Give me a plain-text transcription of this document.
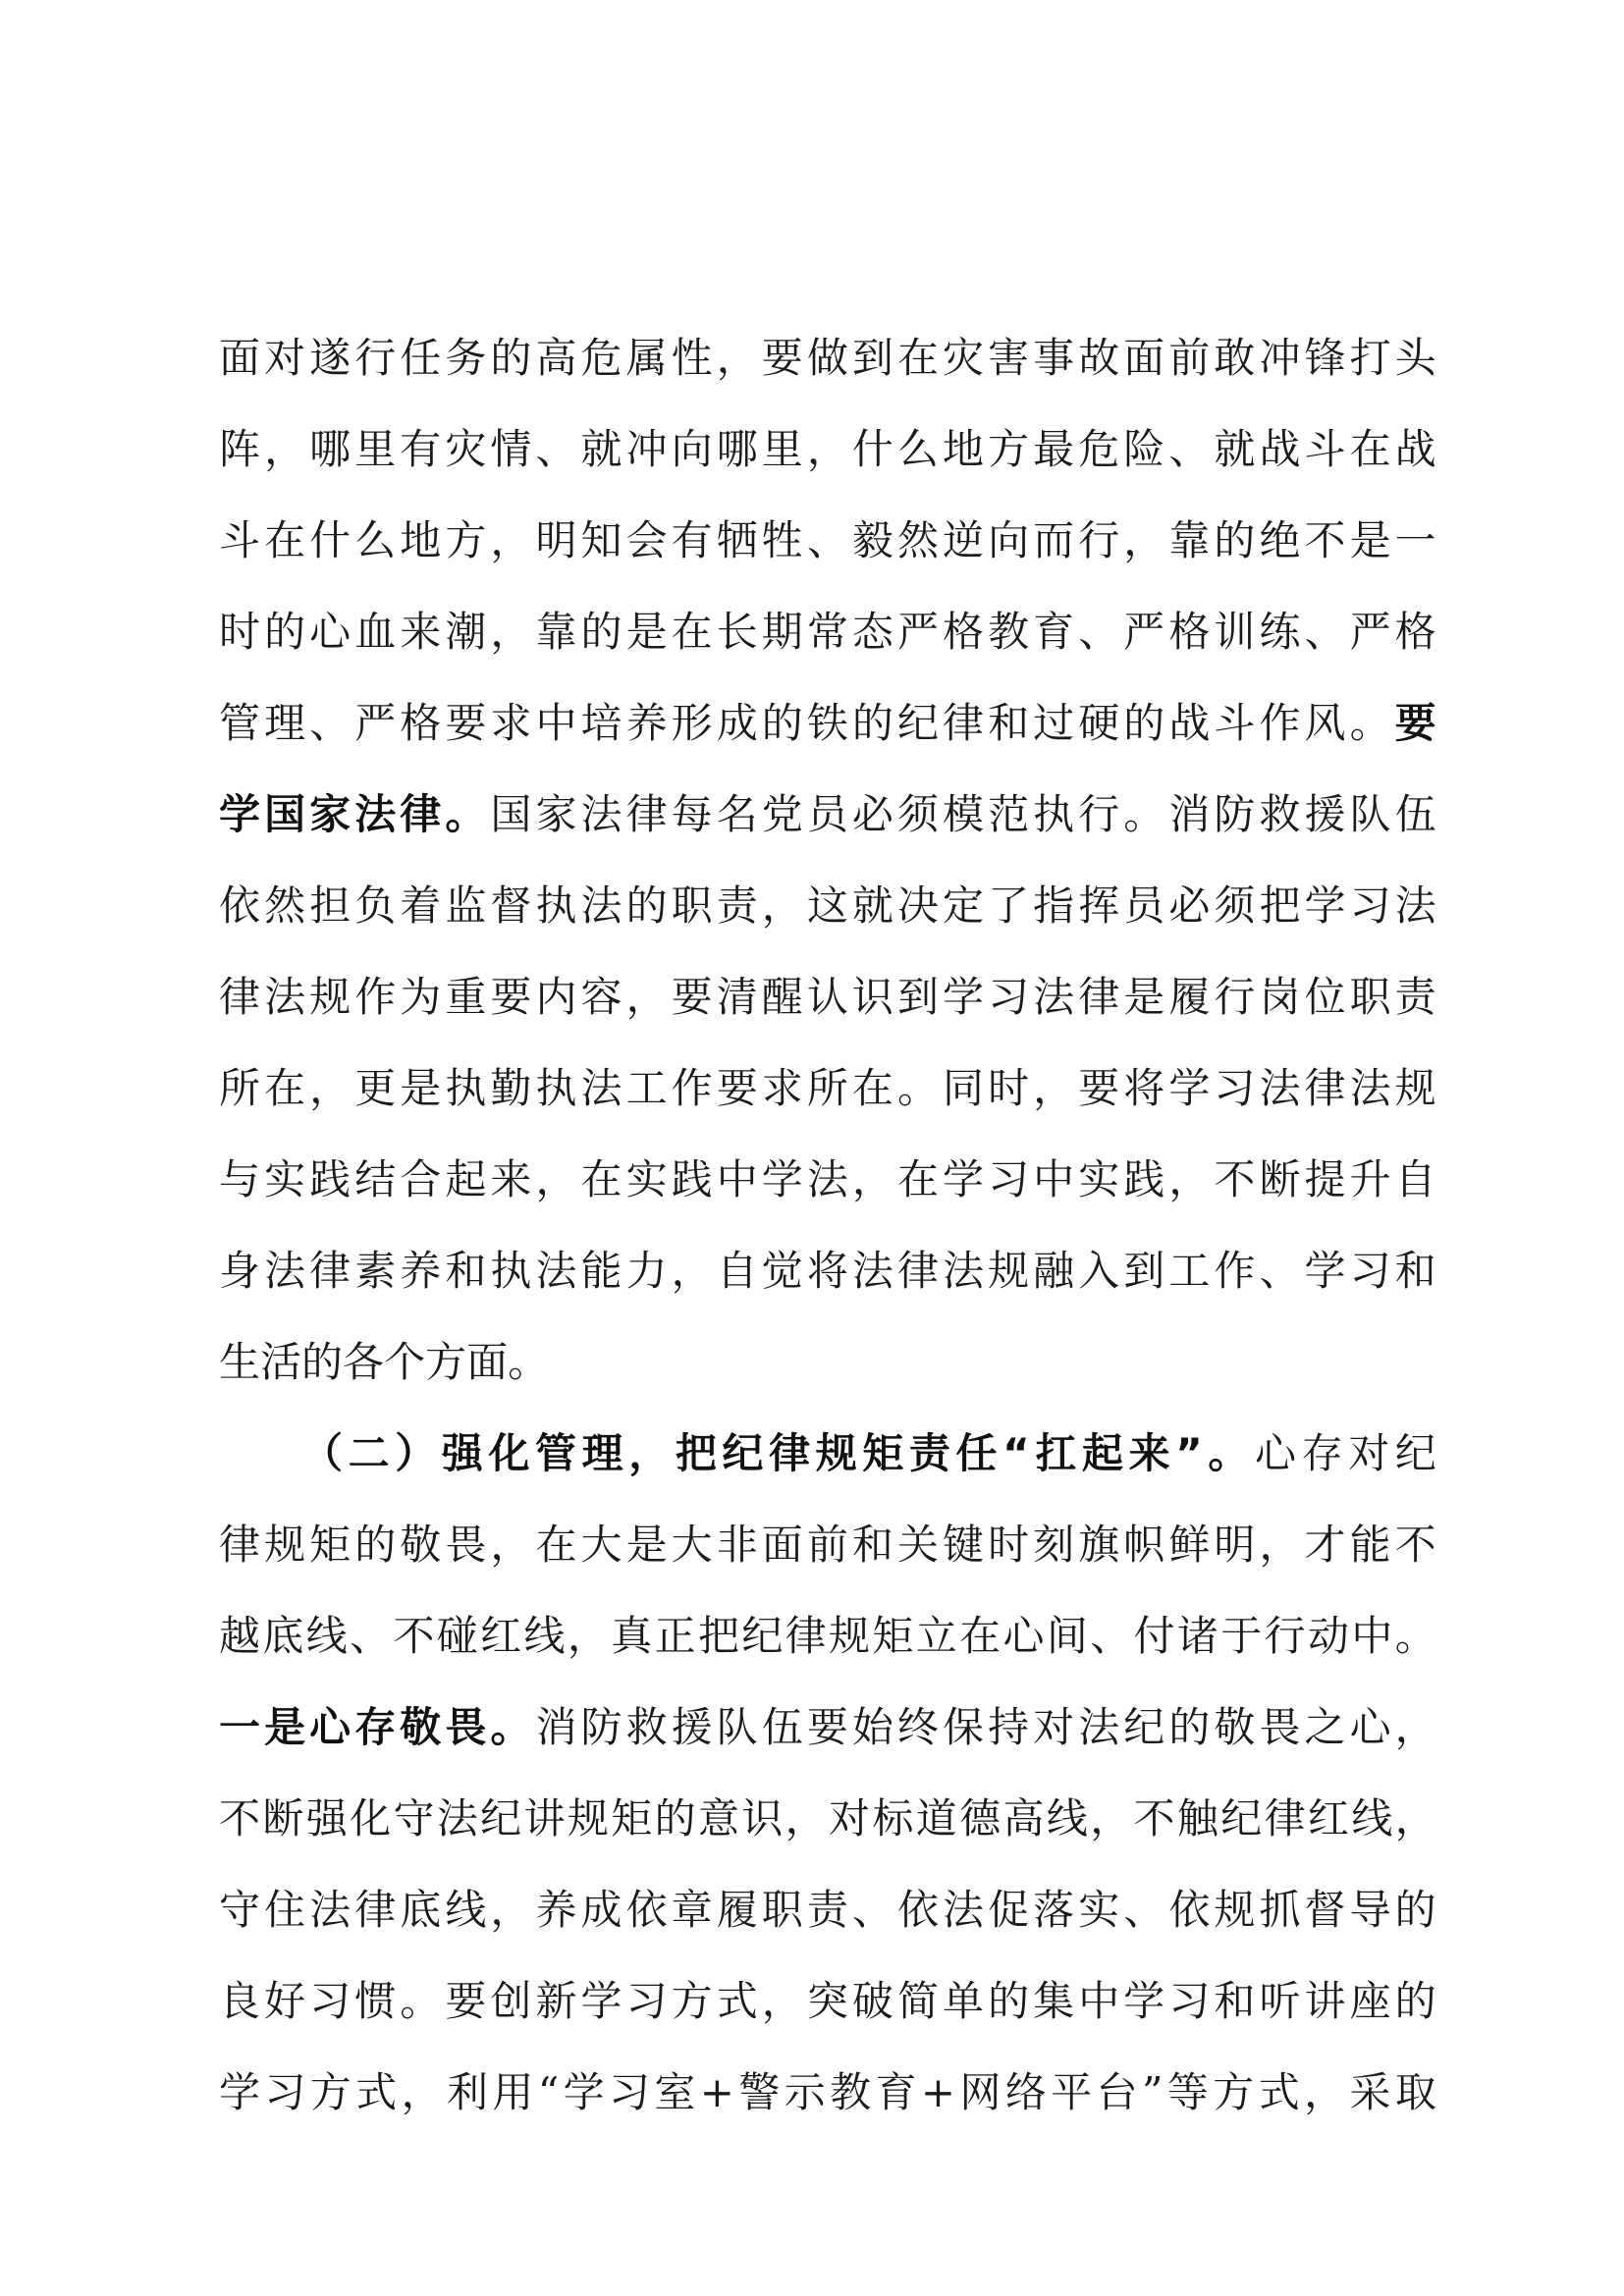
面 对 遂 行 任 务 的 高 危 属 性 ， 要 做 到 在 灾 害 事 故 面 前 敢 冲 锋 打 头
阵 ， 哪 里 有 灾 情 、 就 冲 向 哪 里 ， 什 么 地 方 最 危 险 、 就 战 斗 在 战
斗 在 什 么 地 方 ， 明 知 会 有 牺 牲 、 毅 然 逆 向 而 行 ， 靠 的 绝 不 是 一
时 的 心 血 来 潮 ， 靠 的 是 在 长 期 常 态 严 格 教 育 、 严 格 训 练 、 严 格
管 理 、 严 格 要 求 中 培 养 形 成 的 铁 的 纪 律 和 过 硬 的 战 斗 作 风 。 要
学 国 家 法 律 。 国 家 法 律 每 名 党 员 必 须 模 范 执 行 。 消 防 救 援 队 伍
依 然 担 负 着 监 督 执 法 的 职 责 ， 这 就 决 定 了 指 挥 员 必 须 把 学 习 法
律 法 规 作 为 重 要 内 容 ， 要 清 醒 认 识 到 学 习 法 律 是 履 行 岗 位 职 责
所 在 ， 更 是 执 勤 执 法 工 作 要 求 所 在 。 同 时 ， 要 将 学 习 法 律 法 规
与 实 践 结 合 起 来 ， 在 实 践 中 学 法 ， 在 学 习 中 实 践 ， 不 断 提 升 自
身 法 律 素 养 和 执 法 能 力 ， 自 觉 将 法 律 法 规 融 入 到 工 作 、 学 习 和
生 活 的 各 个 方 面 。
（ 二 ） 强 化 管 理 ， 把 纪 律 规 矩 责 任 “ 扛 起 来 ” 。 心 存 对 纪
律 规 矩 的 敬 畏 ， 在 大 是 大 非 面 前 和 关 键 时 刻 旗 帜 鲜 明 ， 才 能 不
越 底 线 、 不 碰 红 线 ， 真 正 把 纪 律 规 矩 立 在 心 间 、 付 诸 于 行 动 中 。
一 是 心 存 敬 畏 。 消 防 救 援 队 伍 要 始 终 保 持 对 法 纪 的 敬 畏 之 心 ，
不 断 强 化 守 法 纪 讲 规 矩 的 意 识 ， 对 标 道 德 高 线 ， 不 触 纪 律 红 线 ，
守 住 法 律 底 线 ， 养 成 依 章 履 职 责 、 依 法 促 落 实 、 依 规 抓 督 导 的
良 好 习 惯 。 要 创 新 学 习 方 式 ， 突 破 简 单 的 集 中 学 习 和 听 讲 座 的
学 习 方 式 ， 利 用 “ 学 习 室 + 警 示 教 育 + 网 络 平 台 ” 等 方 式 ， 采 取
